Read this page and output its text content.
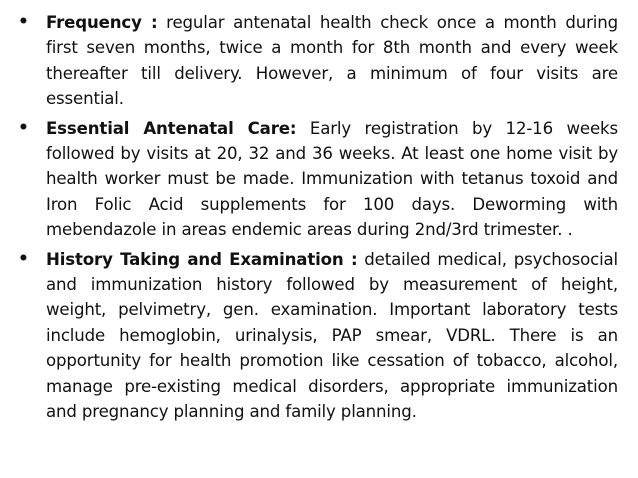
•	Frequency : regular antenatal health check once a month during first seven months, twice a month for 8th month and every week thereafter till delivery. However, a minimum of four visits are essential.
•	Essential Antenatal Care: Early registration by 12-16 weeks followed by visits at 20, 32 and 36 weeks. At least one home visit by health worker must be made. Immunization with tetanus toxoid and Iron Folic Acid supplements for 100 days. Deworming with mebendazole in areas endemic areas during 2nd/3rd trimester. .
•	History Taking and Examination : detailed medical, psychosocial and immunization history followed by measurement of height, weight, pelvimetry, gen. examination. Important laboratory tests include hemoglobin, urinalysis, PAP smear, VDRL. There is an opportunity for health promotion like cessation of tobacco, alcohol, manage pre-existing medical disorders, appropriate immunization and pregnancy planning and family planning.
